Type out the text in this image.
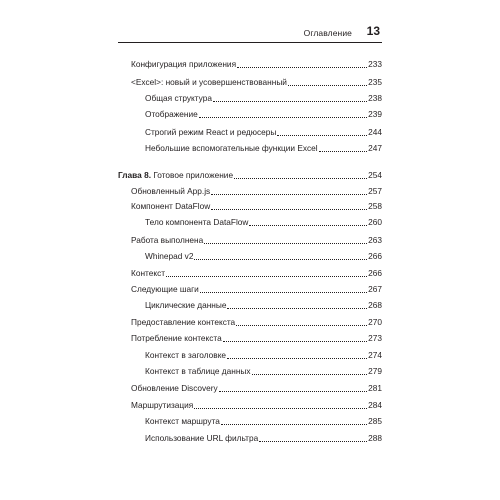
Оглавление 13
Конфигурация приложения	233
<Excel>: новый и усовершенствованный	235
Общая структура	238
Отображение	239
Строгий режим React и редюсеры	244
Небольшие вспомогательные функции Excel	247
Глава 8. Готовое приложение	254
Обновленный App.js	257
Компонент DataFlow	258
Тело компонента DataFlow	260
Работа выполнена	263
Whinepad v2	266
Контекст	266
Следующие шаги	267
Циклические данные	268
Предоставление контекста	270
Потребление контекста	273
Контекст в заголовке	274
Контекст в таблице данных	279
Обновление Discovery	281
Маршрутизация	284
Контекст маршрута	285
Использование URL фильтра	288
